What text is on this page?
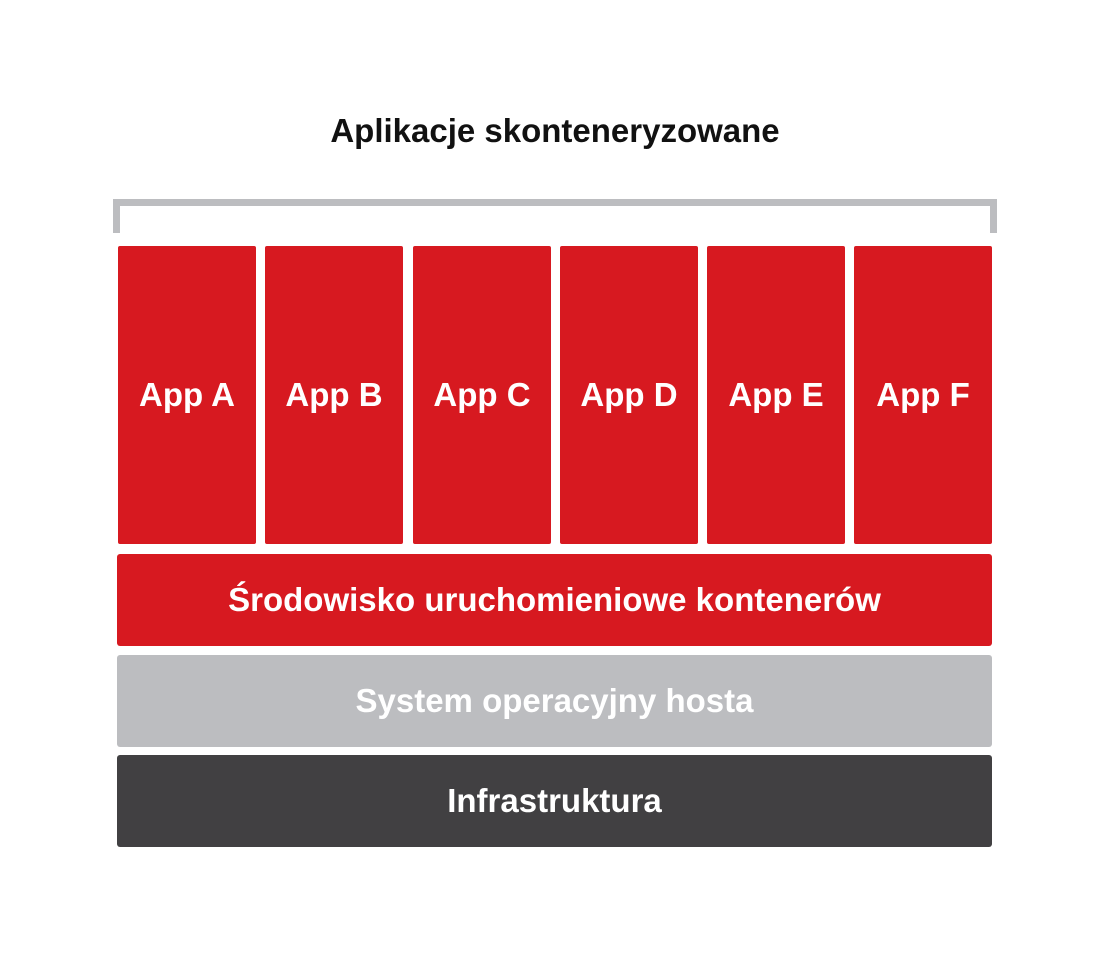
Aplikacje skonteneryzowane
App A	App B	App C	App D	App E	App F
Środowisko uruchomieniowe kontenerów
System operacyjny hosta
Infrastruktura
